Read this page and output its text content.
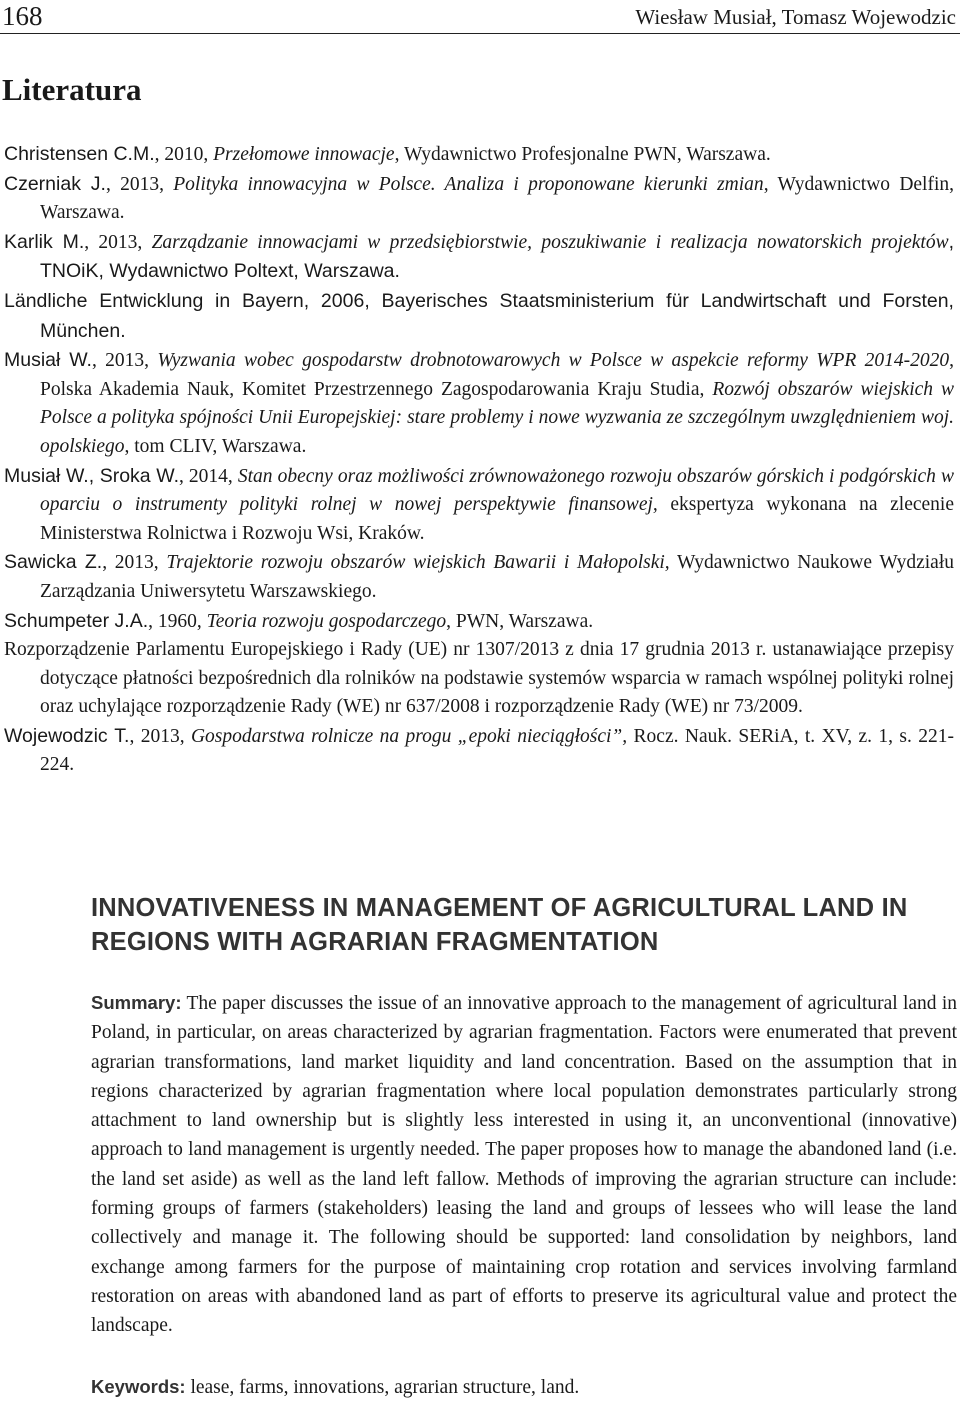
168	Wiesław Musiał, Tomasz Wojewodzic
Literatura

Christensen C.M., 2010, Przełomowe innowacje, Wydawnictwo Profesjonalne PWN, Warszawa.

Czerniak J., 2013, Polityka innowacyjna w Polsce. Analiza i proponowane kierunki zmian, Wydawnictwo Delfin, Warszawa.

Karlik M., 2013, Zarządzanie innowacjami w przedsiębiorstwie, poszukiwanie i realizacja nowatorskich projektów, TNOiK, Wydawnictwo Poltext, Warszawa.

Ländliche Entwicklung in Bayern, 2006, Bayerisches Staatsministerium für Landwirtschaft und Forsten, München.

Musiał W., 2013, Wyzwania wobec gospodarstw drobnotowarowych w Polsce w aspekcie reformy WPR 2014-2020, Polska Akademia Nauk, Komitet Przestrzennego Zagospodarowania Kraju Studia, Rozwój obszarów wiejskich w Polsce a polityka spójności Unii Europejskiej: stare problemy i nowe wyzwania ze szczególnym uwzględnieniem woj. opolskiego, tom CLIV, Warszawa.

Musiał W., Sroka W., 2014, Stan obecny oraz możliwości zrównoważonego rozwoju obszarów górskich i podgórskich w oparciu o instrumenty polityki rolnej w nowej perspektywie finansowej, ekspertyza wykonana na zlecenie Ministerstwa Rolnictwa i Rozwoju Wsi, Kraków.

Sawicka Z., 2013, Trajektorie rozwoju obszarów wiejskich Bawarii i Małopolski, Wydawnictwo Naukowe Wydziału Zarządzania Uniwersytetu Warszawskiego.

Schumpeter J.A., 1960, Teoria rozwoju gospodarczego, PWN, Warszawa.

Rozporządzenie Parlamentu Europejskiego i Rady (UE) nr 1307/2013 z dnia 17 grudnia 2013 r. ustanawiające przepisy dotyczące płatności bezpośrednich dla rolników na podstawie systemów wsparcia w ramach wspólnej polityki rolnej oraz uchylające rozporządzenie Rady (WE) nr 637/2008 i rozporządzenie Rady (WE) nr 73/2009.

Wojewodzic T., 2013, Gospodarstwa rolnicze na progu „epoki nieciągłości”, Rocz. Nauk. SERiA, t. XV, z. 1, s. 221-224.

INNOVATIVENESS IN MANAGEMENT OF AGRICULTURAL LAND IN REGIONS WITH AGRARIAN FRAGMENTATION

Summary: The paper discusses the issue of an innovative approach to the management of agricultural land in Poland, in particular, on areas characterized by agrarian fragmentation. Factors were enumerated that prevent agrarian transformations, land market liquidity and land concentration. Based on the assumption that in regions characterized by agrarian fragmentation where local population demonstrates particularly strong attachment to land ownership but is slightly less interested in using it, an unconventional (innovative) approach to land management is urgently needed. The paper proposes how to manage the abandoned land (i.e. the land set aside) as well as the land left fallow. Methods of improving the agrarian structure can include: forming groups of farmers (stakeholders) leasing the land and groups of lessees who will lease the land collectively and manage it. The following should be supported: land consolidation by neighbors, land exchange among farmers for the purpose of maintaining crop rotation and services involving farmland restoration on areas with abandoned land as part of efforts to preserve its agricultural value and protect the landscape.

Keywords: lease, farms, innovations, agrarian structure, land.
